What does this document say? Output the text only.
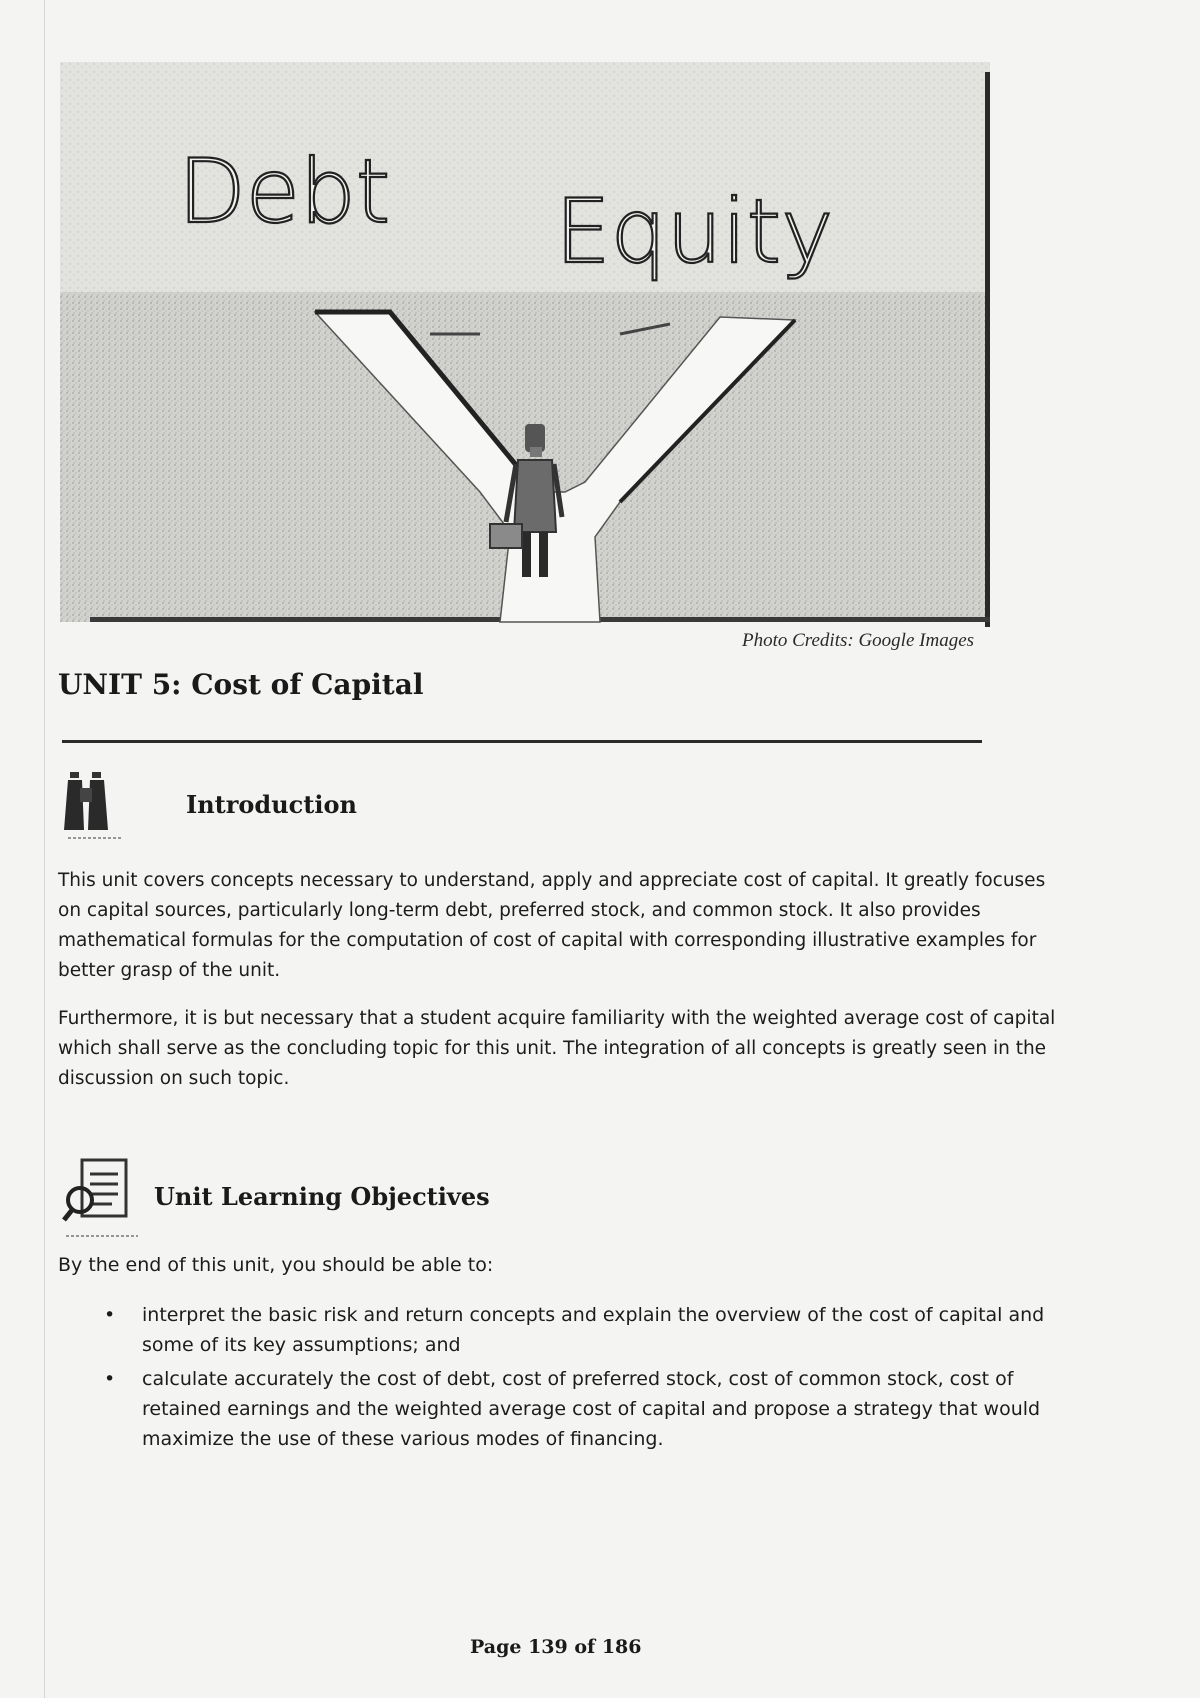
Debt Equity
Photo Credits: Google Images
UNIT 5: Cost of Capital
Introduction

This unit covers concepts necessary to understand, apply and appreciate cost of capital. It greatly focuses on capital sources, particularly long-term debt, preferred stock, and common stock. It also provides mathematical formulas for the computation of cost of capital with corresponding illustrative examples for better grasp of the unit.

Furthermore, it is but necessary that a student acquire familiarity with the weighted average cost of capital which shall serve as the concluding topic for this unit. The integration of all concepts is greatly seen in the discussion on such topic.

Unit Learning Objectives
By the end of this unit, you should be able to:
• interpret the basic risk and return concepts and explain the overview of the cost of capital and some of its key assumptions; and
• calculate accurately the cost of debt, cost of preferred stock, cost of common stock, cost of retained earnings and the weighted average cost of capital and propose a strategy that would maximize the use of these various modes of financing.
Page 139 of 186
